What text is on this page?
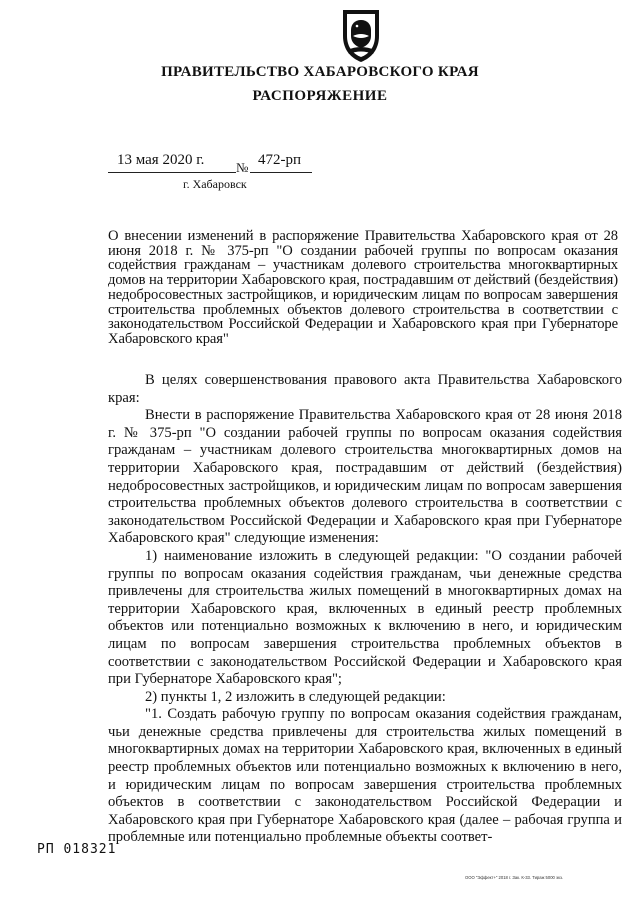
ПРАВИТЕЛЬСТВО ХАБАРОВСКОГО КРАЯ
РАСПОРЯЖЕНИЕ
13 мая 2020 г. № 472-рп
г. Хабаровск
О внесении изменений в распоряжение Правительства Хабаровского края от 28 июня 2018 г. № 375-рп "О создании рабочей группы по вопросам оказания содействия гражданам – участникам долевого строительства многоквартирных домов на территории Хабаровского края, пострадавшим от действий (бездействия) недобросовестных застройщиков, и юридическим лицам по вопросам завершения строительства проблемных объектов долевого строительства в соответствии с законодательством Российской Федерации и Хабаровского края при Губернаторе Хабаровского края"

В целях совершенствования правового акта Правительства Хабаровского края:

Внести в распоряжение Правительства Хабаровского края от 28 июня 2018 г. № 375-рп "О создании рабочей группы по вопросам оказания содействия гражданам – участникам долевого строительства многоквартирных домов на территории Хабаровского края, пострадавшим от действий (бездействия) недобросовестных застройщиков, и юридическим лицам по вопросам завершения строительства проблемных объектов долевого строительства в соответствии с законодательством Российской Федерации и Хабаровского края при Губернаторе Хабаровского края" следующие изменения:

1) наименование изложить в следующей редакции: "О создании рабочей группы по вопросам оказания содействия гражданам, чьи денежные средства привлечены для строительства жилых помещений в многоквартирных домах на территории Хабаровского края, включенных в единый реестр проблемных объектов или потенциально возможных к включению в него, и юридическим лицам по вопросам завершения строительства проблемных объектов в соответствии с законодательством Российской Федерации и Хабаровского края при Губернаторе Хабаровского края";

2) пункты 1, 2 изложить в следующей редакции:

"1. Создать рабочую группу по вопросам оказания содействия гражданам, чьи денежные средства привлечены для строительства жилых помещений в многоквартирных домах на территории Хабаровского края, включенных в единый реестр проблемных объектов или потенциально возможных к включению в него, и юридическим лицам по вопросам завершения строительства проблемных объектов в соответствии с законодательством Российской Федерации и Хабаровского края при Губернаторе Хабаровского края (далее – рабочая группа и проблемные или потенциально проблемные объекты соответ-

РП 018321
ООО "Эффект+" 2018 г. Зак. К-33. Тираж 5000 экз.
